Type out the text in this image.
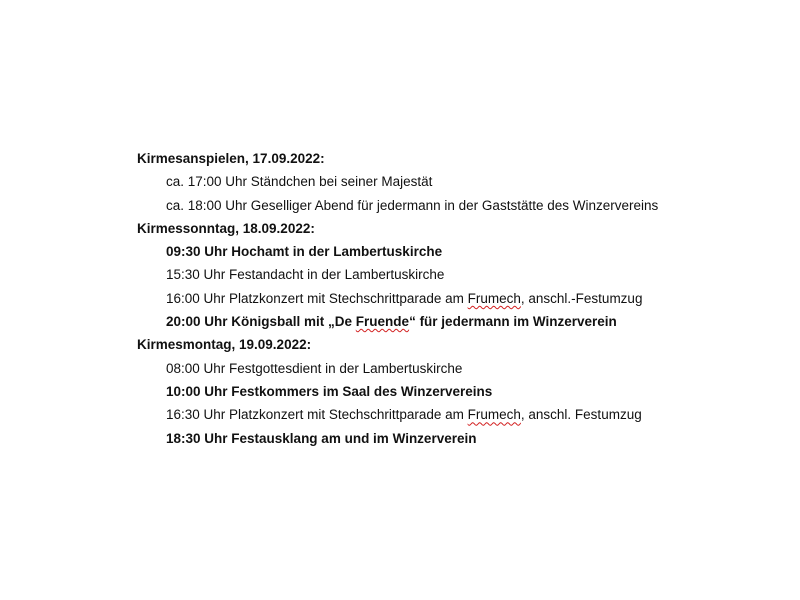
Kirmesanspielen, 17.09.2022:
ca. 17:00 Uhr Ständchen bei seiner Majestät
ca. 18:00 Uhr Geselliger Abend für jedermann in der Gaststätte des Winzervereins
Kirmessonntag, 18.09.2022:
09:30 Uhr Hochamt in der Lambertuskirche
15:30 Uhr Festandacht in der Lambertuskirche
16:00 Uhr Platzkonzert mit Stechschrittparade am Frumech, anschl.-Festumzug
20:00 Uhr Königsball mit „De Fruende“ für jedermann im Winzerverein
Kirmesmontag, 19.09.2022:
08:00 Uhr Festgottesdient in der Lambertuskirche
10:00 Uhr Festkommers im Saal des Winzervereins
16:30 Uhr Platzkonzert mit Stechschrittparade am Frumech, anschl. Festumzug
18:30 Uhr Festausklang am und im Winzerverein
